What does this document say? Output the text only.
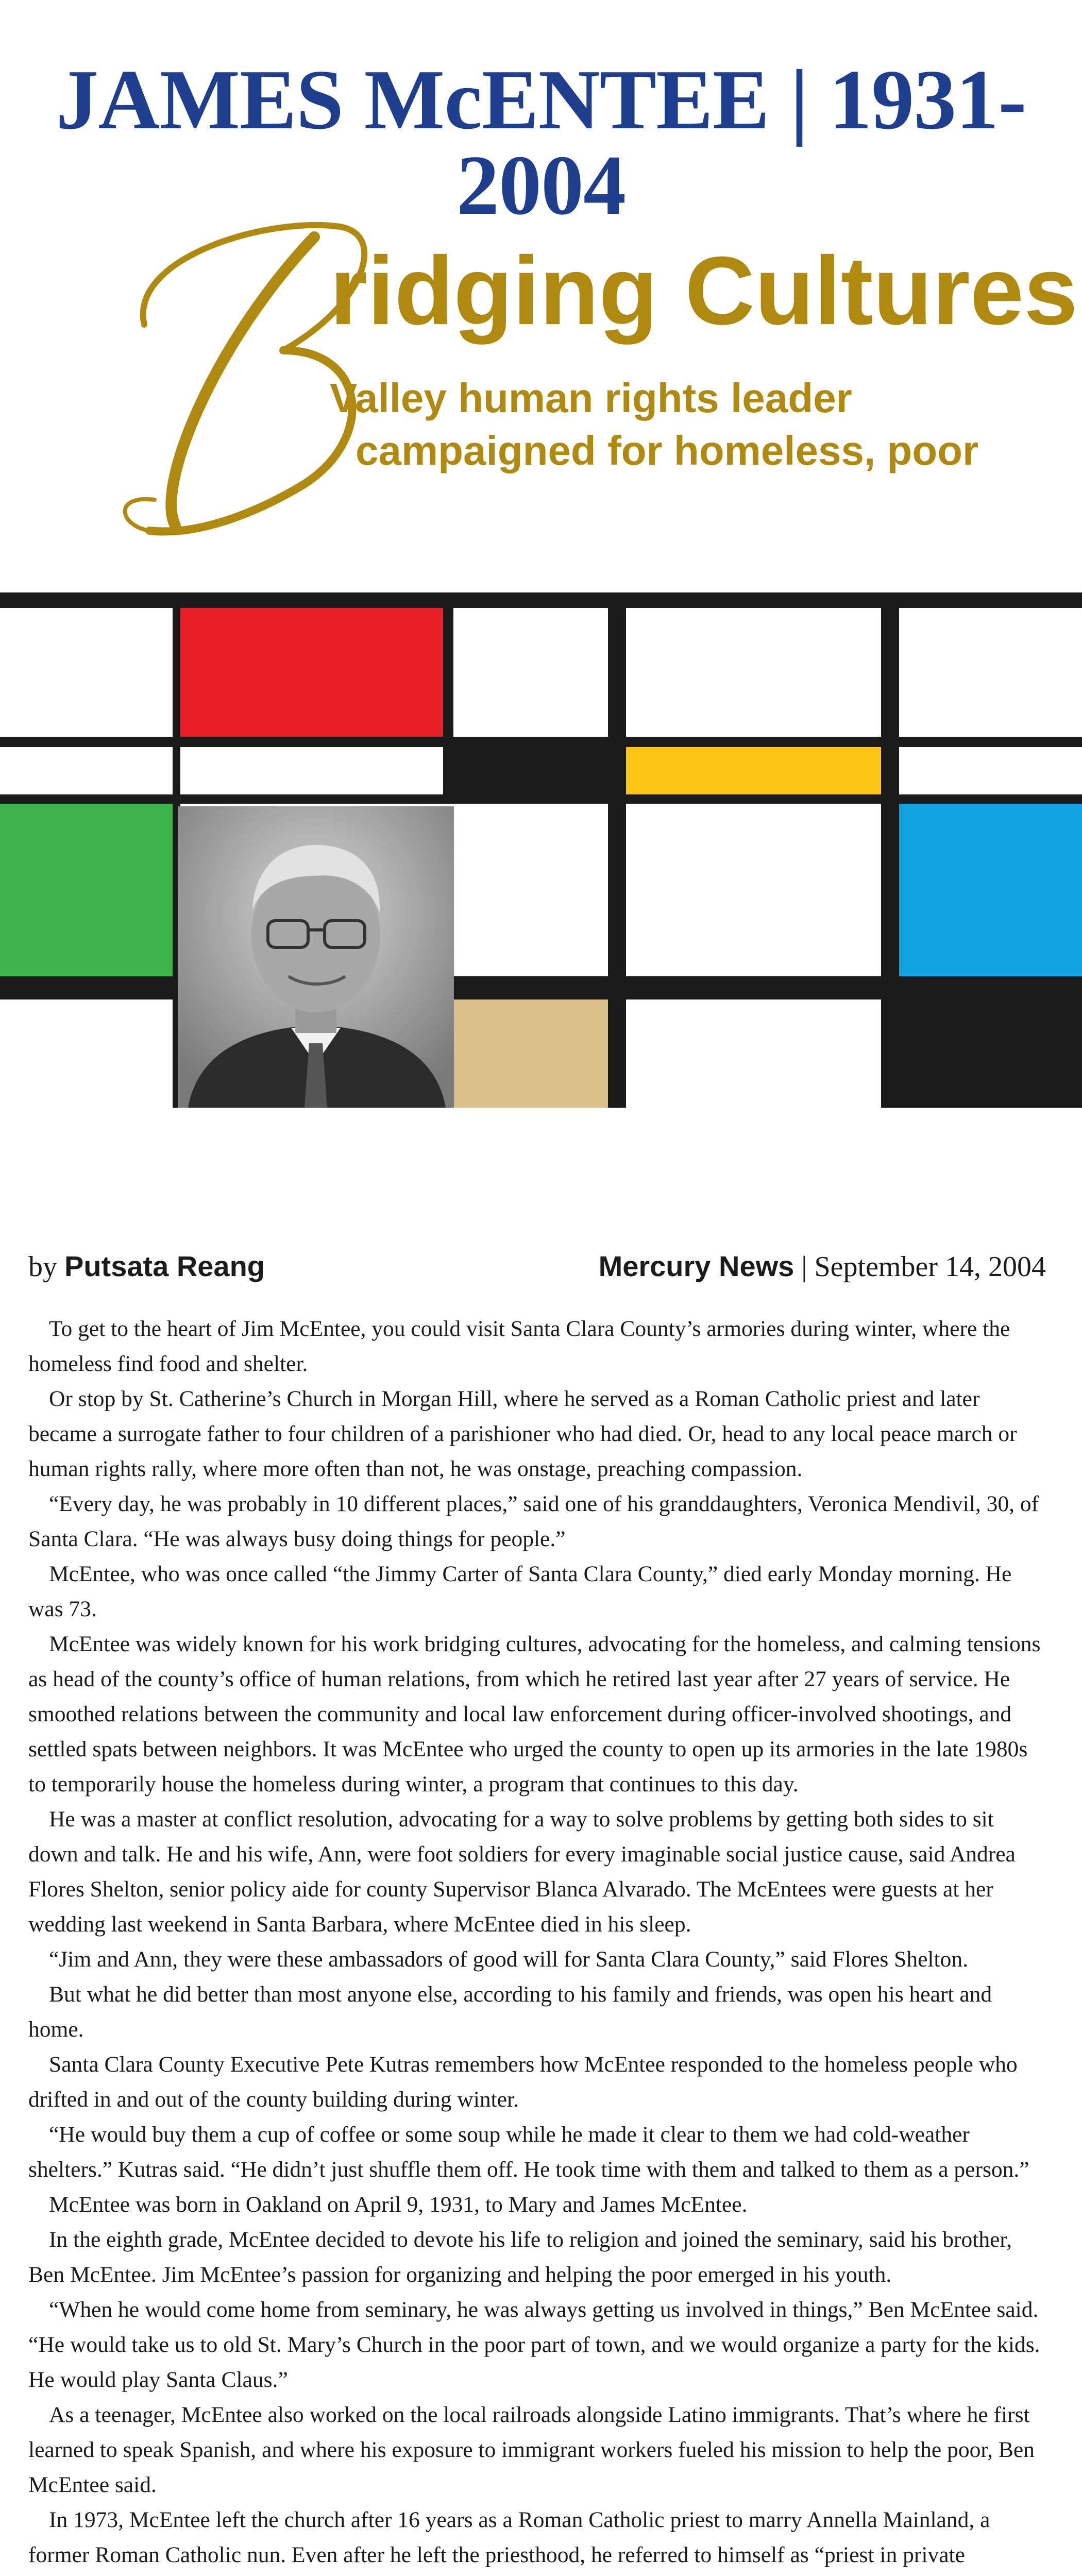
JAMES McENTEE | 1931-2004
ridging Cultures
Valley human rights leader
campaigned for homeless, poor
by Putsata Reang	Mercury News | September 14, 2004

To get to the heart of Jim McEntee, you could visit Santa Clara County’s armories during winter, where the homeless find food and shelter.

Or stop by St. Catherine’s Church in Morgan Hill, where he served as a Roman Catholic priest and later became a surrogate father to four children of a parishioner who had died. Or, head to any local peace march or human rights rally, where more often than not, he was onstage, preaching compassion.

“Every day, he was probably in 10 different places,” said one of his granddaughters, Veronica Mendivil, 30, of Santa Clara. “He was always busy doing things for people.”

McEntee, who was once called “the Jimmy Carter of Santa Clara County,” died early Monday morning. He was 73.

McEntee was widely known for his work bridging cultures, advocating for the homeless, and calming tensions as head of the county’s office of human relations, from which he retired last year after 27 years of service. He smoothed relations between the community and local law enforcement during officer-involved shootings, and settled spats between neighbors. It was McEntee who urged the county to open up its armories in the late 1980s to temporarily house the homeless during winter, a program that continues to this day.

He was a master at conflict resolution, advocating for a way to solve problems by getting both sides to sit down and talk. He and his wife, Ann, were foot soldiers for every imaginable social justice cause, said Andrea Flores Shelton, senior policy aide for county Supervisor Blanca Alvarado. The McEntees were guests at her wedding last weekend in Santa Barbara, where McEntee died in his sleep.

“Jim and Ann, they were these ambassadors of good will for Santa Clara County,” said Flores Shelton.

But what he did better than most anyone else, according to his family and friends, was open his heart and home.

Santa Clara County Executive Pete Kutras remembers how McEntee responded to the homeless people who drifted in and out of the county building during winter.

“He would buy them a cup of coffee or some soup while he made it clear to them we had cold-weather shelters.” Kutras said. “He didn’t just shuffle them off. He took time with them and talked to them as a person.”

McEntee was born in Oakland on April 9, 1931, to Mary and James McEntee.

In the eighth grade, McEntee decided to devote his life to religion and joined the seminary, said his brother, Ben McEntee. Jim McEntee’s passion for organizing and helping the poor emerged in his youth.

“When he would come home from seminary, he was always getting us involved in things,” Ben McEntee said. “He would take us to old St. Mary’s Church in the poor part of town, and we would organize a party for the kids. He would play Santa Claus.”

As a teenager, McEntee also worked on the local railroads alongside Latino immigrants. That’s where he first learned to speak Spanish, and where his exposure to immigrant workers fueled his mission to help the poor, Ben McEntee said.

In 1973, McEntee left the church after 16 years as a Roman Catholic priest to marry Annella Mainland, a former Roman Catholic nun. Even after he left the priesthood, he referred to himself as “priest in private
